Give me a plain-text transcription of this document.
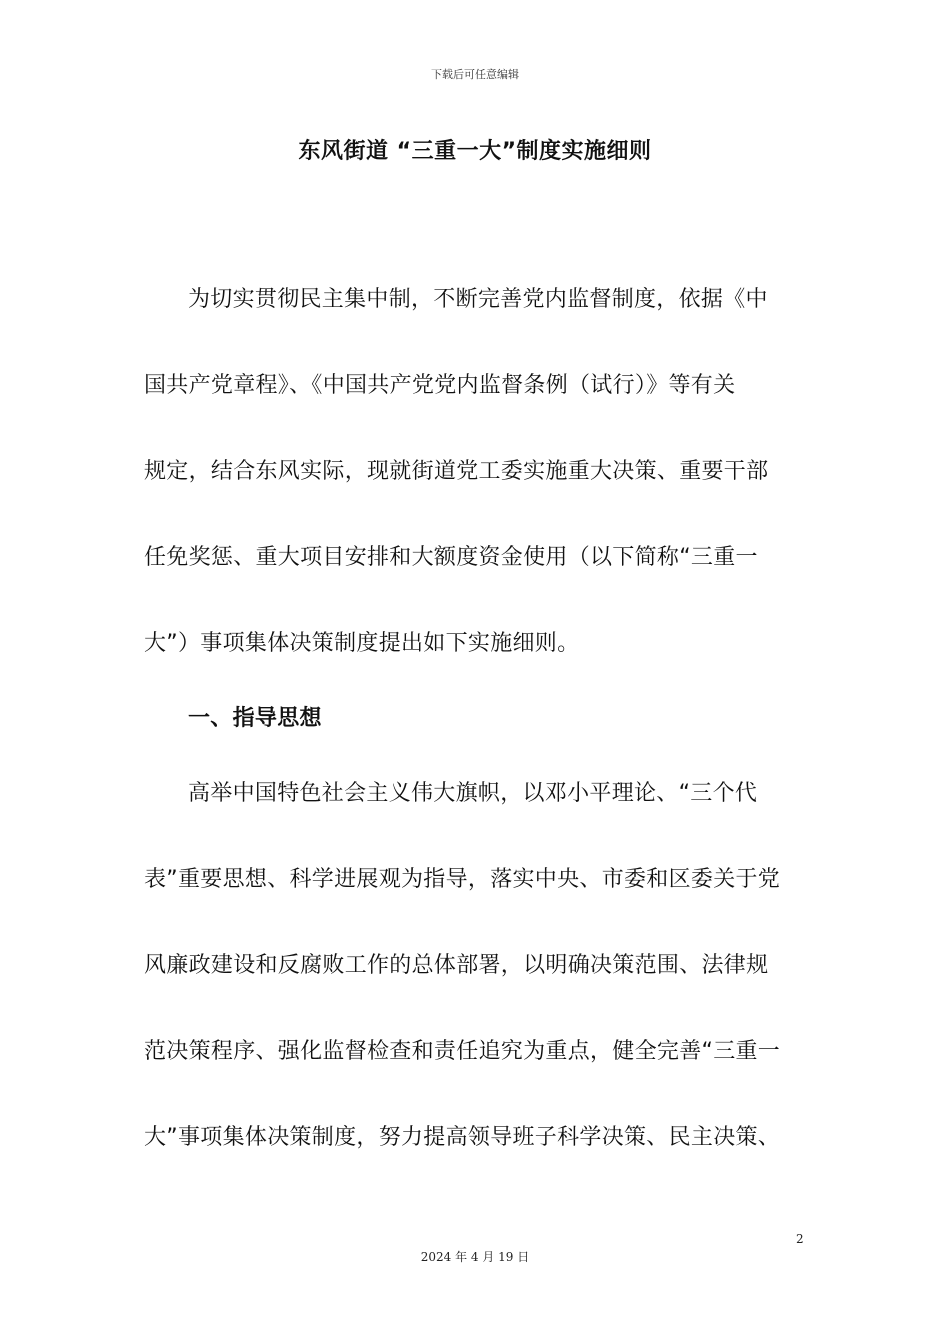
下载后可任意编辑
东风街道 “三重一大”制度实施细则
为切实贯彻民主集中制，不断完善党内监督制度，依据《中
国共产党章程》、《中国共产党党内监督条例（试行）》等有关
规定，结合东风实际，现就街道党工委实施重大决策、重要干部
任免奖惩、重大项目安排和大额度资金使用（以下简称“三重一
大”）事项集体决策制度提出如下实施细则。
一、指导思想
高举中国特色社会主义伟大旗帜，以邓小平理论、“三个代
表”重要思想、科学进展观为指导，落实中央、市委和区委关于党
风廉政建设和反腐败工作的总体部署，以明确决策范围、法律规
范决策程序、强化监督检查和责任追究为重点，健全完善“三重一
大”事项集体决策制度，努力提高领导班子科学决策、民主决策、
2
2024 年 4 月 19 日
